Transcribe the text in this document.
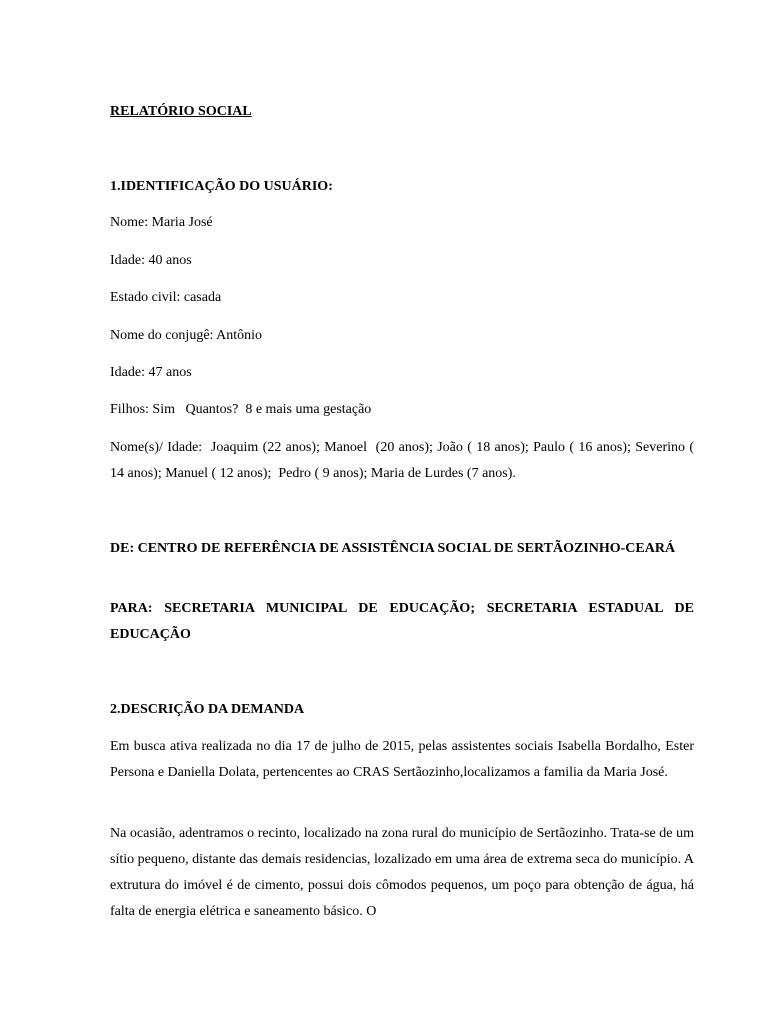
RELATÓRIO SOCIAL
1.IDENTIFICAÇÃO DO USUÁRIO:
Nome: Maria José
Idade: 40 anos
Estado civil: casada
Nome do conjugê: Antônio
Idade: 47 anos
Filhos: Sim   Quantos?  8 e mais uma gestação
Nome(s)/ Idade:  Joaquim (22 anos); Manoel  (20 anos); João ( 18 anos); Paulo ( 16 anos); Severino ( 14 anos); Manuel ( 12 anos);  Pedro ( 9 anos); Maria de Lurdes (7 anos).
DE: CENTRO DE REFERÊNCIA DE ASSISTÊNCIA SOCIAL DE SERTÃOZINHO-CEARÁ
PARA: SECRETARIA MUNICIPAL DE EDUCAÇÃO; SECRETARIA ESTADUAL DE EDUCAÇÃO
2.DESCRIÇÃO DA DEMANDA
Em busca ativa realizada no dia 17 de julho de 2015, pelas assistentes sociais Isabella Bordalho, Ester Persona e Daniella Dolata, pertencentes ao CRAS Sertãozinho,localizamos a familia da Maria José.
Na ocasião, adentramos o recinto, localizado na zona rural do município de Sertãozinho. Trata-se de um sítio pequeno, distante das demais residencias, lozalizado em uma área de extrema seca do município. A extrutura do imóvel é de cimento, possui dois cômodos pequenos, um poço para obtenção de água, há falta de energia elétrica e saneamento básico. O
